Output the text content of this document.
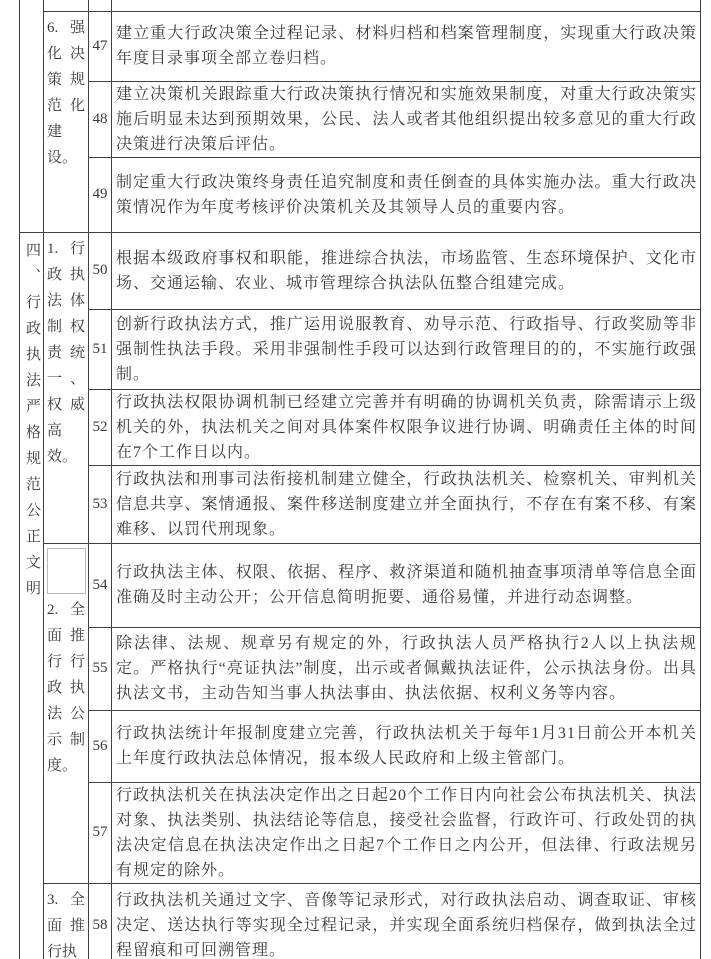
	6. 强化决策规范化建设。	47	建立重大行政决策全过程记录、材料归档和档案管理制度，实现重大行政决策年度目录事项全部立卷归档。
		48	建立决策机关跟踪重大行政决策执行情况和实施效果制度，对重大行政决策实施后明显未达到预期效果，公民、法人或者其他组织提出较多意见的重大行政决策进行决策后评估。
		49	制定重大行政决策终身责任追究制度和责任倒查的具体实施办法。重大行政决策情况作为年度考核评价决策机关及其领导人员的重要内容。
四、行政执法严格规范公正文明	1. 行政执法体制权责统一、权威高效。	50	根据本级政府事权和职能，推进综合执法，市场监管、生态环境保护、文化市场、交通运输、农业、城市管理综合执法队伍整合组建完成。
		51	创新行政执法方式，推广运用说服教育、劝导示范、行政指导、行政奖励等非强制性执法手段。采用非强制性手段可以达到行政管理目的的，不实施行政强制。
		52	行政执法权限协调机制已经建立完善并有明确的协调机关负责，除需请示上级机关的外，执法机关之间对具体案件权限争议进行协调、明确责任主体的时间在7个工作日以内。
		53	行政执法和刑事司法衔接机制建立健全，行政执法机关、检察机关、审判机关信息共享、案情通报、案件移送制度建立并全面执行，不存在有案不移、有案难移、以罚代刑现象。

	2. 全面推行行政执法公示制度。	54	行政执法主体、权限、依据、程序、救济渠道和随机抽查事项清单等信息全面准确及时主动公开；公开信息简明扼要、通俗易懂，并进行动态调整。
		55	除法律、法规、规章另有规定的外，行政执法人员严格执行2人以上执法规定。严格执行“亮证执法”制度，出示或者佩戴执法证件，公示执法身份。出具执法文书，主动告知当事人执法事由、执法依据、权利义务等内容。
		56	行政执法统计年报制度建立完善，行政执法机关于每年1月31日前公开本机关上年度行政执法总体情况，报本级人民政府和上级主管部门。
		57	行政执法机关在执法决定作出之日起20个工作日内向社会公布执法机关、执法对象、执法类别、执法结论等信息，接受社会监督，行政许可、行政处罚的执法决定信息在执法决定作出之日起7个工作日之内公开，但法律、行政法规另有规定的除外。
	3. 全面推行执	58	行政执法机关通过文字、音像等记录形式，对行政执法启动、调查取证、审核决定、送达执行等实现全过程记录，并实现全面系统归档保存，做到执法全过程留痕和可回溯管理。
